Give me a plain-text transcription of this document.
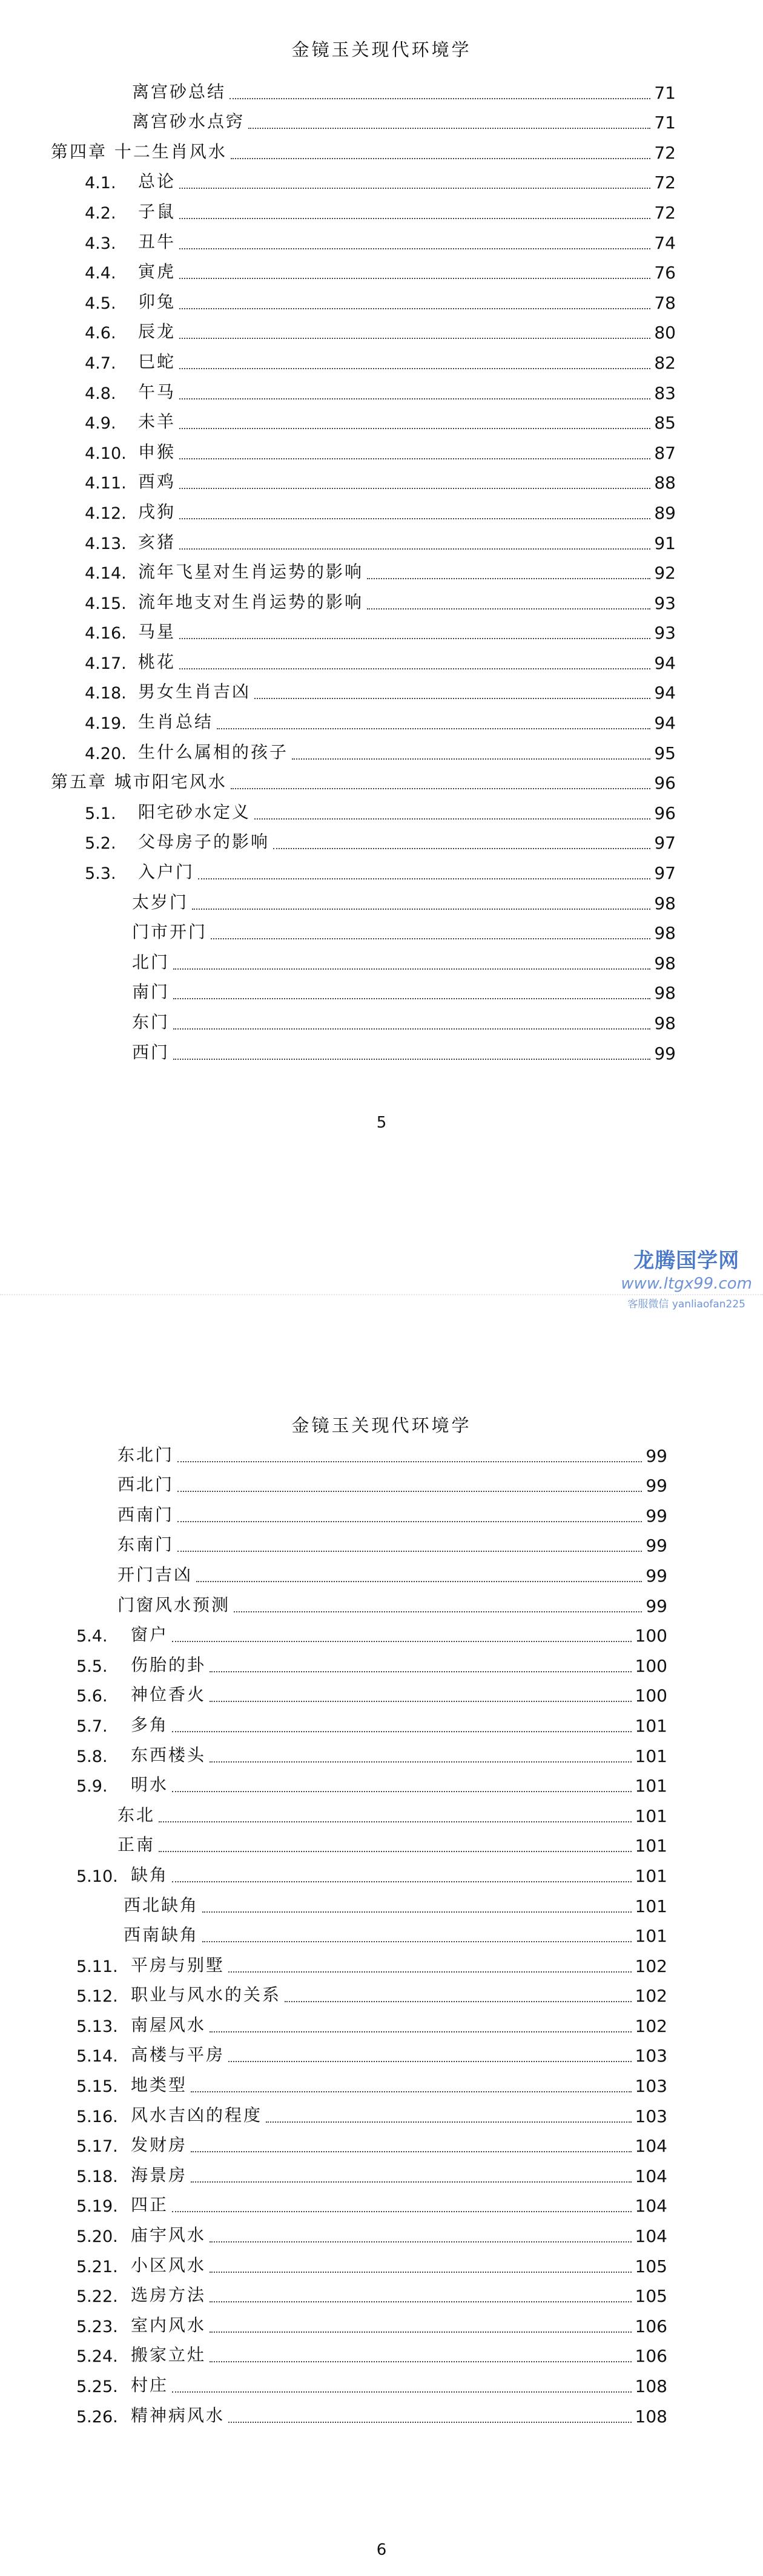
金镜玉关现代环境学
离宫砂总结	71
离宫砂水点窍	71
第四章 十二生肖风水	72
4.1.	总论	72
4.2.	子鼠	72
4.3.	丑牛	74
4.4.	寅虎	76
4.5.	卯兔	78
4.6.	辰龙	80
4.7.	巳蛇	82
4.8.	午马	83
4.9.	未羊	85
4.10. 申猴	87
4.11. 酉鸡	88
4.12. 戌狗	89
4.13. 亥猪	91
4.14. 流年飞星对生肖运势的影响	92
4.15. 流年地支对生肖运势的影响	93
4.16. 马星	93
4.17. 桃花	94
4.18. 男女生肖吉凶	94
4.19. 生肖总结	94
4.20. 生什么属相的孩子	95
第五章 城市阳宅风水	96
5.1.	阳宅砂水定义	96
5.2.	父母房子的影响	97
5.3.	入户门	97
太岁门	98
门市开门	98
北门	98
南门	98
东门	98
西门	99
5
龙腾国学网
www.ltgx99.com
客服微信 yanliaofan225
金镜玉关现代环境学
东北门	99
西北门	99
西南门	99
东南门	99
开门吉凶	99
门窗风水预测	99
5.4.	窗户	100
5.5.	伤胎的卦	100
5.6.	神位香火	100
5.7.	多角	101
5.8.	东西楼头	101
5.9.	明水	101
东北	101
正南	101
5.10. 缺角	101
西北缺角	101
西南缺角	101
5.11. 平房与别墅	102
5.12. 职业与风水的关系	102
5.13. 南屋风水	102
5.14. 高楼与平房	103
5.15. 地类型	103
5.16. 风水吉凶的程度	103
5.17. 发财房	104
5.18. 海景房	104
5.19. 四正	104
5.20. 庙宇风水	104
5.21. 小区风水	105
5.22. 选房方法	105
5.23. 室内风水	106
5.24. 搬家立灶	106
5.25. 村庄	108
5.26. 精神病风水	108
6
